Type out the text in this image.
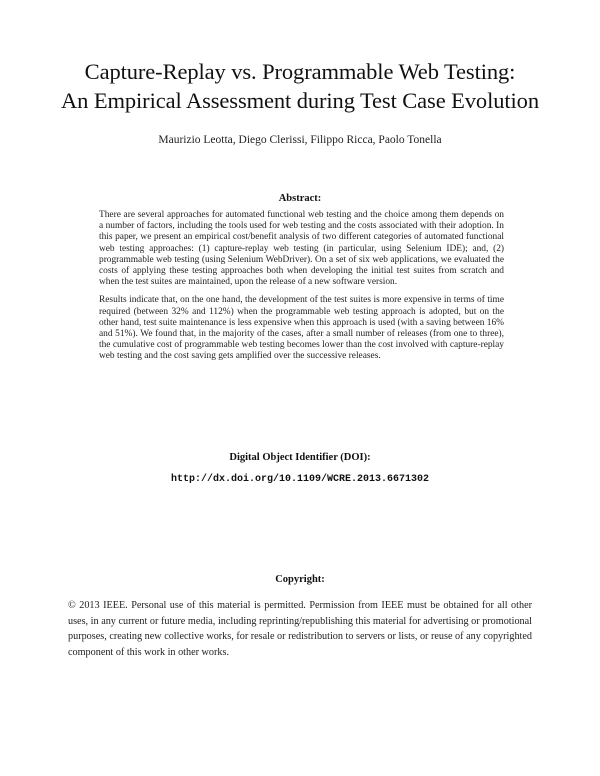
Capture-Replay vs. Programmable Web Testing:
An Empirical Assessment during Test Case Evolution
Maurizio Leotta, Diego Clerissi, Filippo Ricca, Paolo Tonella
Abstract:

There are several approaches for automated functional web testing and the choice among them depends on a number of factors, including the tools used for web testing and the costs associated with their adoption. In this paper, we present an empirical cost/benefit analysis of two different categories of automated functional web testing approaches: (1) capture-replay web testing (in particular, using Selenium IDE); and, (2) programmable web testing (using Selenium WebDriver). On a set of six web applications, we evaluated the costs of applying these testing approaches both when developing the initial test suites from scratch and when the test suites are maintained, upon the release of a new software version.

Results indicate that, on the one hand, the development of the test suites is more expensive in terms of time required (between 32% and 112%) when the programmable web testing approach is adopted, but on the other hand, test suite maintenance is less expensive when this approach is used (with a saving between 16% and 51%). We found that, in the majority of the cases, after a small number of releases (from one to three), the cumulative cost of programmable web testing becomes lower than the cost involved with capture-replay web testing and the cost saving gets amplified over the successive releases.

Digital Object Identifier (DOI):
http://dx.doi.org/10.1109/WCRE.2013.6671302
Copyright:

© 2013 IEEE. Personal use of this material is permitted. Permission from IEEE must be obtained for all other uses, in any current or future media, including reprinting/republishing this material for advertising or promotional purposes, creating new collective works, for resale or redistribution to servers or lists, or reuse of any copyrighted component of this work in other works.
